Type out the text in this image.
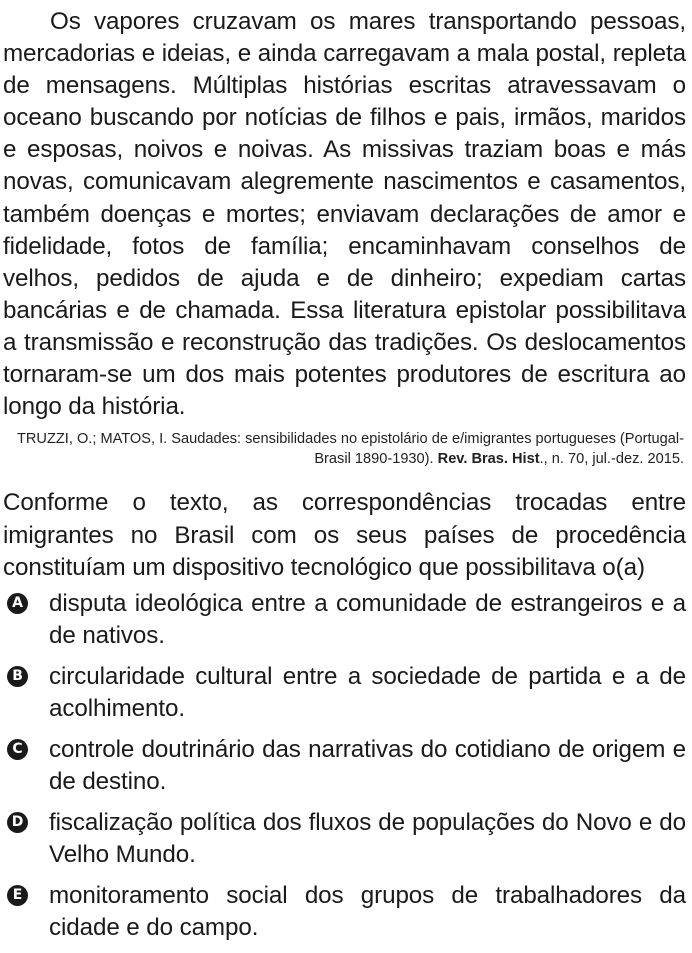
Os vapores cruzavam os mares transportando pessoas, mercadorias e ideias, e ainda carregavam a mala postal, repleta de mensagens. Múltiplas histórias escritas atravessavam o oceano buscando por notícias de filhos e pais, irmãos, maridos e esposas, noivos e noivas. As missivas traziam boas e más novas, comunicavam alegremente nascimentos e casamentos, também doenças e mortes; enviavam declarações de amor e fidelidade, fotos de família; encaminhavam conselhos de velhos, pedidos de ajuda e de dinheiro; expediam cartas bancárias e de chamada. Essa literatura epistolar possibilitava a transmissão e reconstrução das tradições. Os deslocamentos tornaram-se um dos mais potentes produtores de escritura ao longo da história.

TRUZZI, O.; MATOS, I. Saudades: sensibilidades no epistolário de e/imigrantes portugueses (Portugal-Brasil 1890-1930). Rev. Bras. Hist., n. 70, jul.-dez. 2015.

Conforme o texto, as correspondências trocadas entre imigrantes no Brasil com os seus países de procedência constituíam um dispositivo tecnológico que possibilitava o(a)

A disputa ideológica entre a comunidade de estrangeiros e a de nativos.
B circularidade cultural entre a sociedade de partida e a de acolhimento.
C controle doutrinário das narrativas do cotidiano de origem e de destino.
D fiscalização política dos fluxos de populações do Novo e do Velho Mundo.
E monitoramento social dos grupos de trabalhadores da cidade e do campo.
